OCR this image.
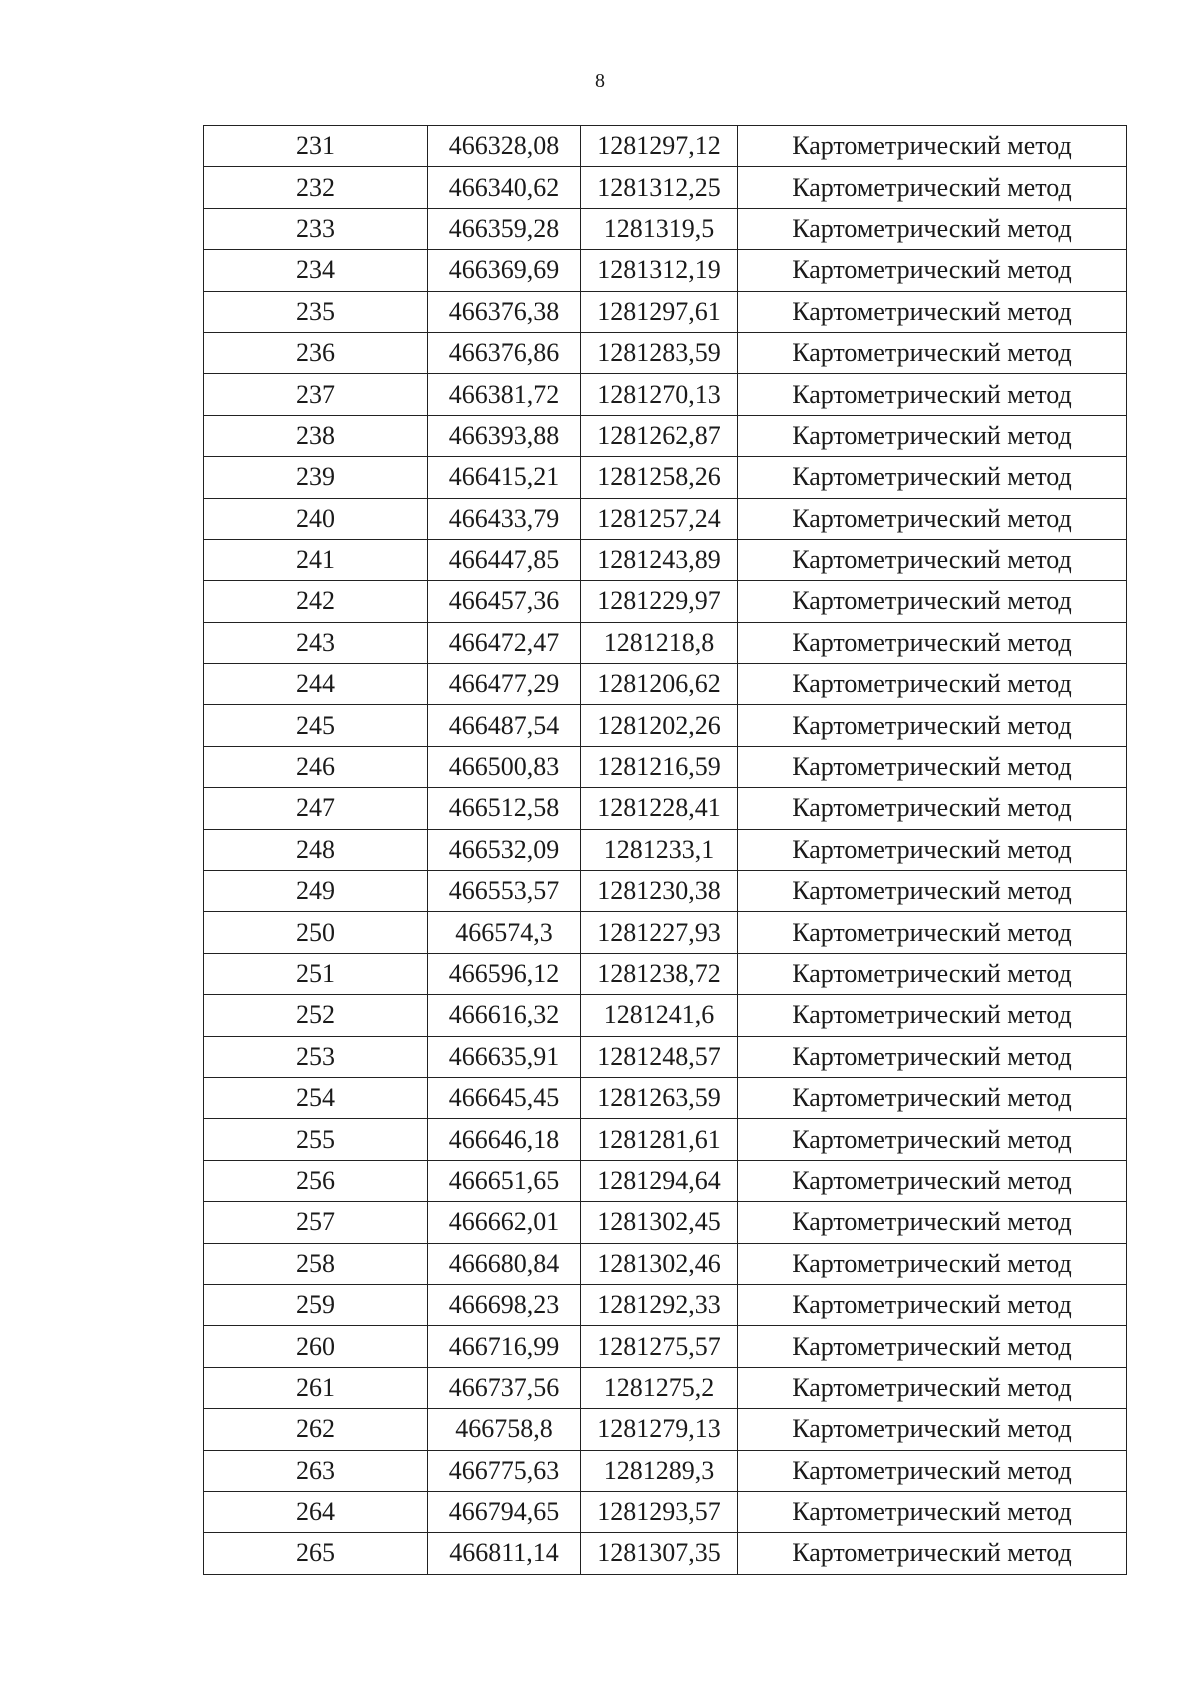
8
231	466328,08	1281297,12	Картометрический метод
232	466340,62	1281312,25	Картометрический метод
233	466359,28	1281319,5	Картометрический метод
234	466369,69	1281312,19	Картометрический метод
235	466376,38	1281297,61	Картометрический метод
236	466376,86	1281283,59	Картометрический метод
237	466381,72	1281270,13	Картометрический метод
238	466393,88	1281262,87	Картометрический метод
239	466415,21	1281258,26	Картометрический метод
240	466433,79	1281257,24	Картометрический метод
241	466447,85	1281243,89	Картометрический метод
242	466457,36	1281229,97	Картометрический метод
243	466472,47	1281218,8	Картометрический метод
244	466477,29	1281206,62	Картометрический метод
245	466487,54	1281202,26	Картометрический метод
246	466500,83	1281216,59	Картометрический метод
247	466512,58	1281228,41	Картометрический метод
248	466532,09	1281233,1	Картометрический метод
249	466553,57	1281230,38	Картометрический метод
250	466574,3	1281227,93	Картометрический метод
251	466596,12	1281238,72	Картометрический метод
252	466616,32	1281241,6	Картометрический метод
253	466635,91	1281248,57	Картометрический метод
254	466645,45	1281263,59	Картометрический метод
255	466646,18	1281281,61	Картометрический метод
256	466651,65	1281294,64	Картометрический метод
257	466662,01	1281302,45	Картометрический метод
258	466680,84	1281302,46	Картометрический метод
259	466698,23	1281292,33	Картометрический метод
260	466716,99	1281275,57	Картометрический метод
261	466737,56	1281275,2	Картометрический метод
262	466758,8	1281279,13	Картометрический метод
263	466775,63	1281289,3	Картометрический метод
264	466794,65	1281293,57	Картометрический метод
265	466811,14	1281307,35	Картометрический метод
